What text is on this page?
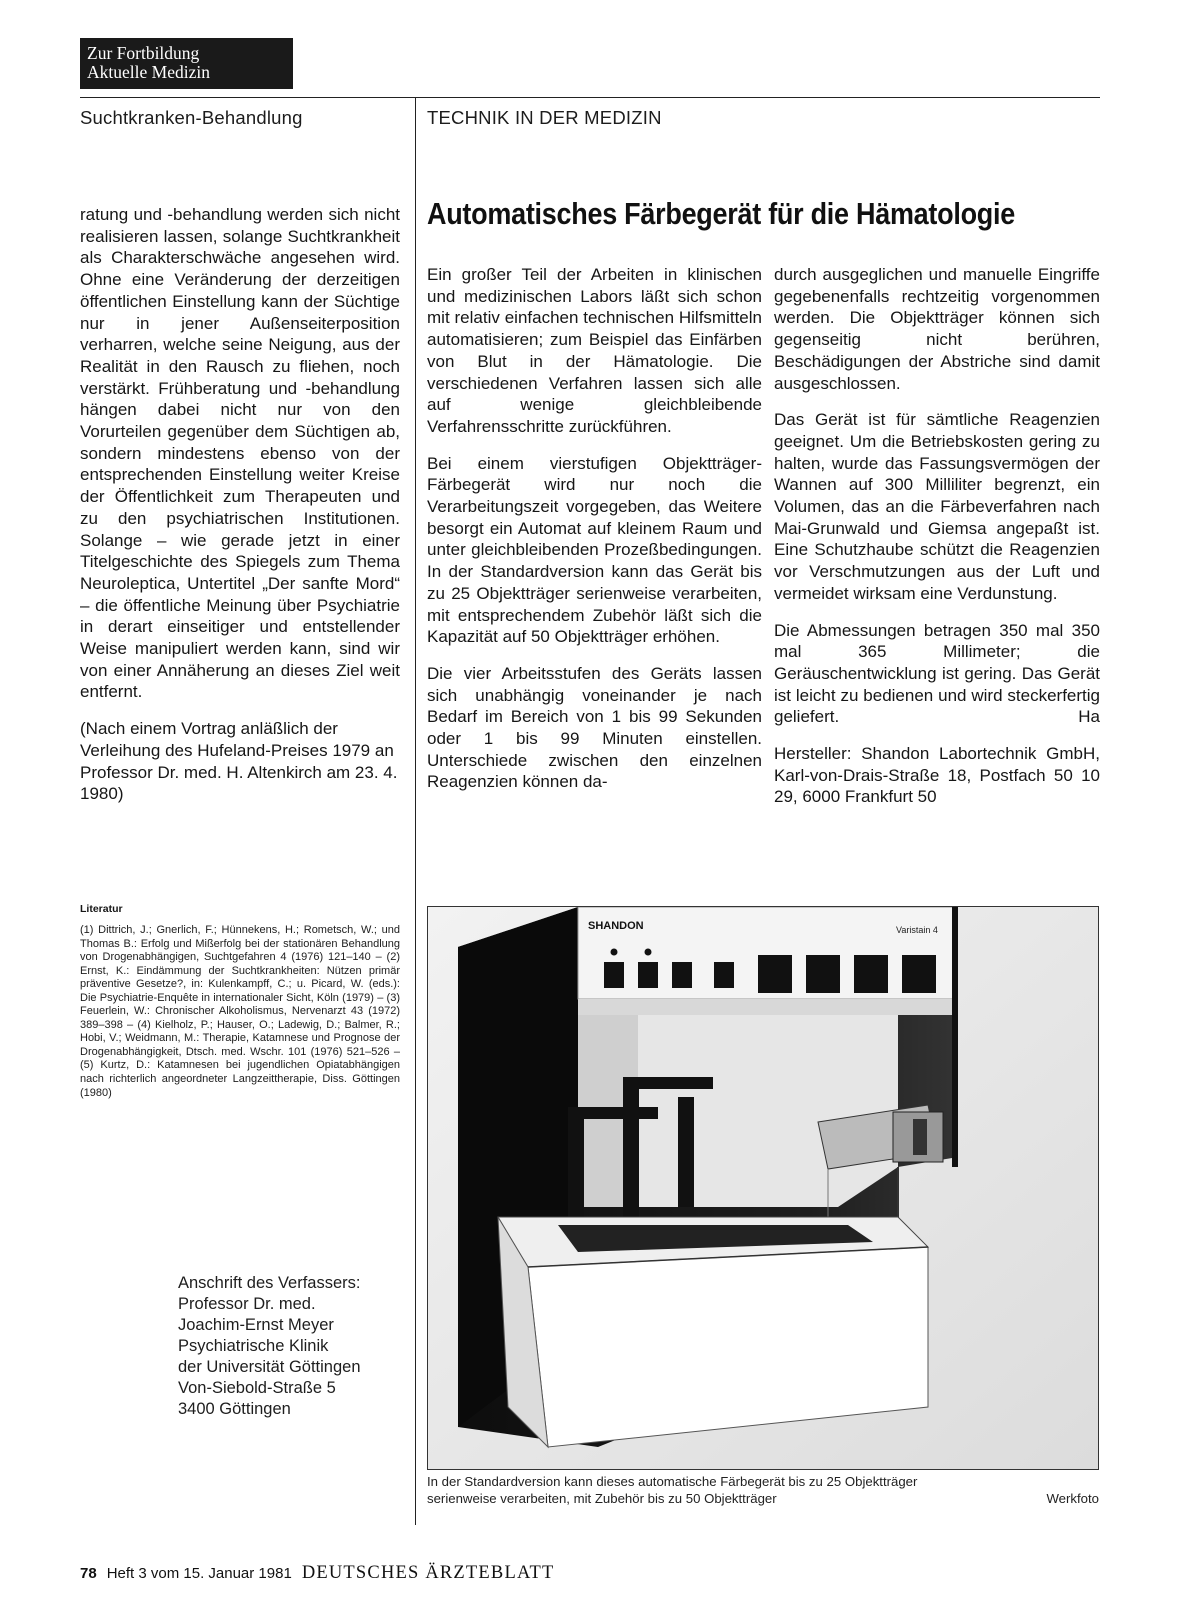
Zur Fortbildung
Aktuelle Medizin
Suchtkranken-Behandlung	TECHNIK IN DER MEDIZIN

ratung und -behandlung werden sich nicht realisieren lassen, solange Suchtkrankheit als Charakterschwäche angesehen wird. Ohne eine Veränderung der derzeitigen öffentlichen Einstellung kann der Süchtige nur in jener Außenseiterposition verharren, welche seine Neigung, aus der Realität in den Rausch zu fliehen, noch verstärkt. Frühberatung und -behandlung hängen dabei nicht nur von den Vorurteilen gegenüber dem Süchtigen ab, sondern mindestens ebenso von der entsprechenden Einstellung weiter Kreise der Öffentlichkeit zum Therapeuten und zu den psychiatrischen Institutionen. Solange – wie gerade jetzt in einer Titelgeschichte des Spiegels zum Thema Neuroleptica, Untertitel „Der sanfte Mord“ – die öffentliche Meinung über Psychiatrie in derart einseitiger und entstellender Weise manipuliert werden kann, sind wir von einer Annäherung an dieses Ziel weit entfernt.

(Nach einem Vortrag anläßlich der Verleihung des Hufeland-Preises 1979 an Professor Dr. med. H. Altenkirch am 23. 4. 1980)

Literatur
(1) Dittrich, J.; Gnerlich, F.; Hünnekens, H.; Rometsch, W.; und Thomas B.: Erfolg und Mißerfolg bei der stationären Behandlung von Drogenabhängigen, Suchtgefahren 4 (1976) 121–140 – (2) Ernst, K.: Eindämmung der Suchtkrankheiten: Nützen primär präventive Gesetze?, in: Kulenkampff, C.; u. Picard, W. (eds.): Die Psychiatrie-Enquête in internationaler Sicht, Köln (1979) – (3) Feuerlein, W.: Chronischer Alkoholismus, Nervenarzt 43 (1972) 389–398 – (4) Kielholz, P.; Hauser, O.; Ladewig, D.; Balmer, R.; Hobi, V.; Weidmann, M.: Therapie, Katamnese und Prognose der Drogenabhängigkeit, Dtsch. med. Wschr. 101 (1976) 521–526 – (5) Kurtz, D.: Katamnesen bei jugendlichen Opiatabhängigen nach richterlich angeordneter Langzeittherapie, Diss. Göttingen (1980)
Anschrift des Verfassers:
Professor Dr. med.
Joachim-Ernst Meyer
Psychiatrische Klinik
der Universität Göttingen
Von-Siebold-Straße 5
3400 Göttingen
Automatisches Färbegerät für die Hämatologie

Ein großer Teil der Arbeiten in klinischen und medizinischen Labors läßt sich schon mit relativ einfachen technischen Hilfsmitteln automatisieren; zum Beispiel das Einfärben von Blut in der Hämatologie. Die verschiedenen Verfahren lassen sich alle auf wenige gleichbleibende Verfahrensschritte zurückführen.

Bei einem vierstufigen Objektträger-Färbegerät wird nur noch die Verarbeitungszeit vorgegeben, das Weitere besorgt ein Automat auf kleinem Raum und unter gleichbleibenden Prozeßbedingungen. In der Standardversion kann das Gerät bis zu 25 Objektträger serienweise verarbeiten, mit entsprechendem Zubehör läßt sich die Kapazität auf 50 Objektträger erhöhen.

Die vier Arbeitsstufen des Geräts lassen sich unabhängig voneinander je nach Bedarf im Bereich von 1 bis 99 Sekunden oder 1 bis 99 Minuten einstellen. Unterschiede zwischen den einzelnen Reagenzien können da-

durch ausgeglichen und manuelle Eingriffe gegebenenfalls rechtzeitig vorgenommen werden. Die Objektträger können sich gegenseitig nicht berühren, Beschädigungen der Abstriche sind damit ausgeschlossen.

Das Gerät ist für sämtliche Reagenzien geeignet. Um die Betriebskosten gering zu halten, wurde das Fassungsvermögen der Wannen auf 300 Milliliter begrenzt, ein Volumen, das an die Färbeverfahren nach Mai-Grunwald und Giemsa angepaßt ist. Eine Schutzhaube schützt die Reagenzien vor Verschmutzungen aus der Luft und vermeidet wirksam eine Verdunstung.

Die Abmessungen betragen 350 mal 350 mal 365 Millimeter; die Geräuschentwicklung ist gering. Das Gerät ist leicht zu bedienen und wird steckerfertig geliefert.	Ha

Hersteller: Shandon Labortechnik GmbH, Karl-von-Drais-Straße 18, Postfach 50 10 29, 6000 Frankfurt 50

SHANDON	Varistain 4
In der Standardversion kann dieses automatische Färbegerät bis zu 25 Objektträger
serienweise verarbeiten, mit Zubehör bis zu 50 Objektträger	Werkfoto
78 Heft 3 vom 15. Januar 1981 DEUTSCHES ÄRZTEBLATT
